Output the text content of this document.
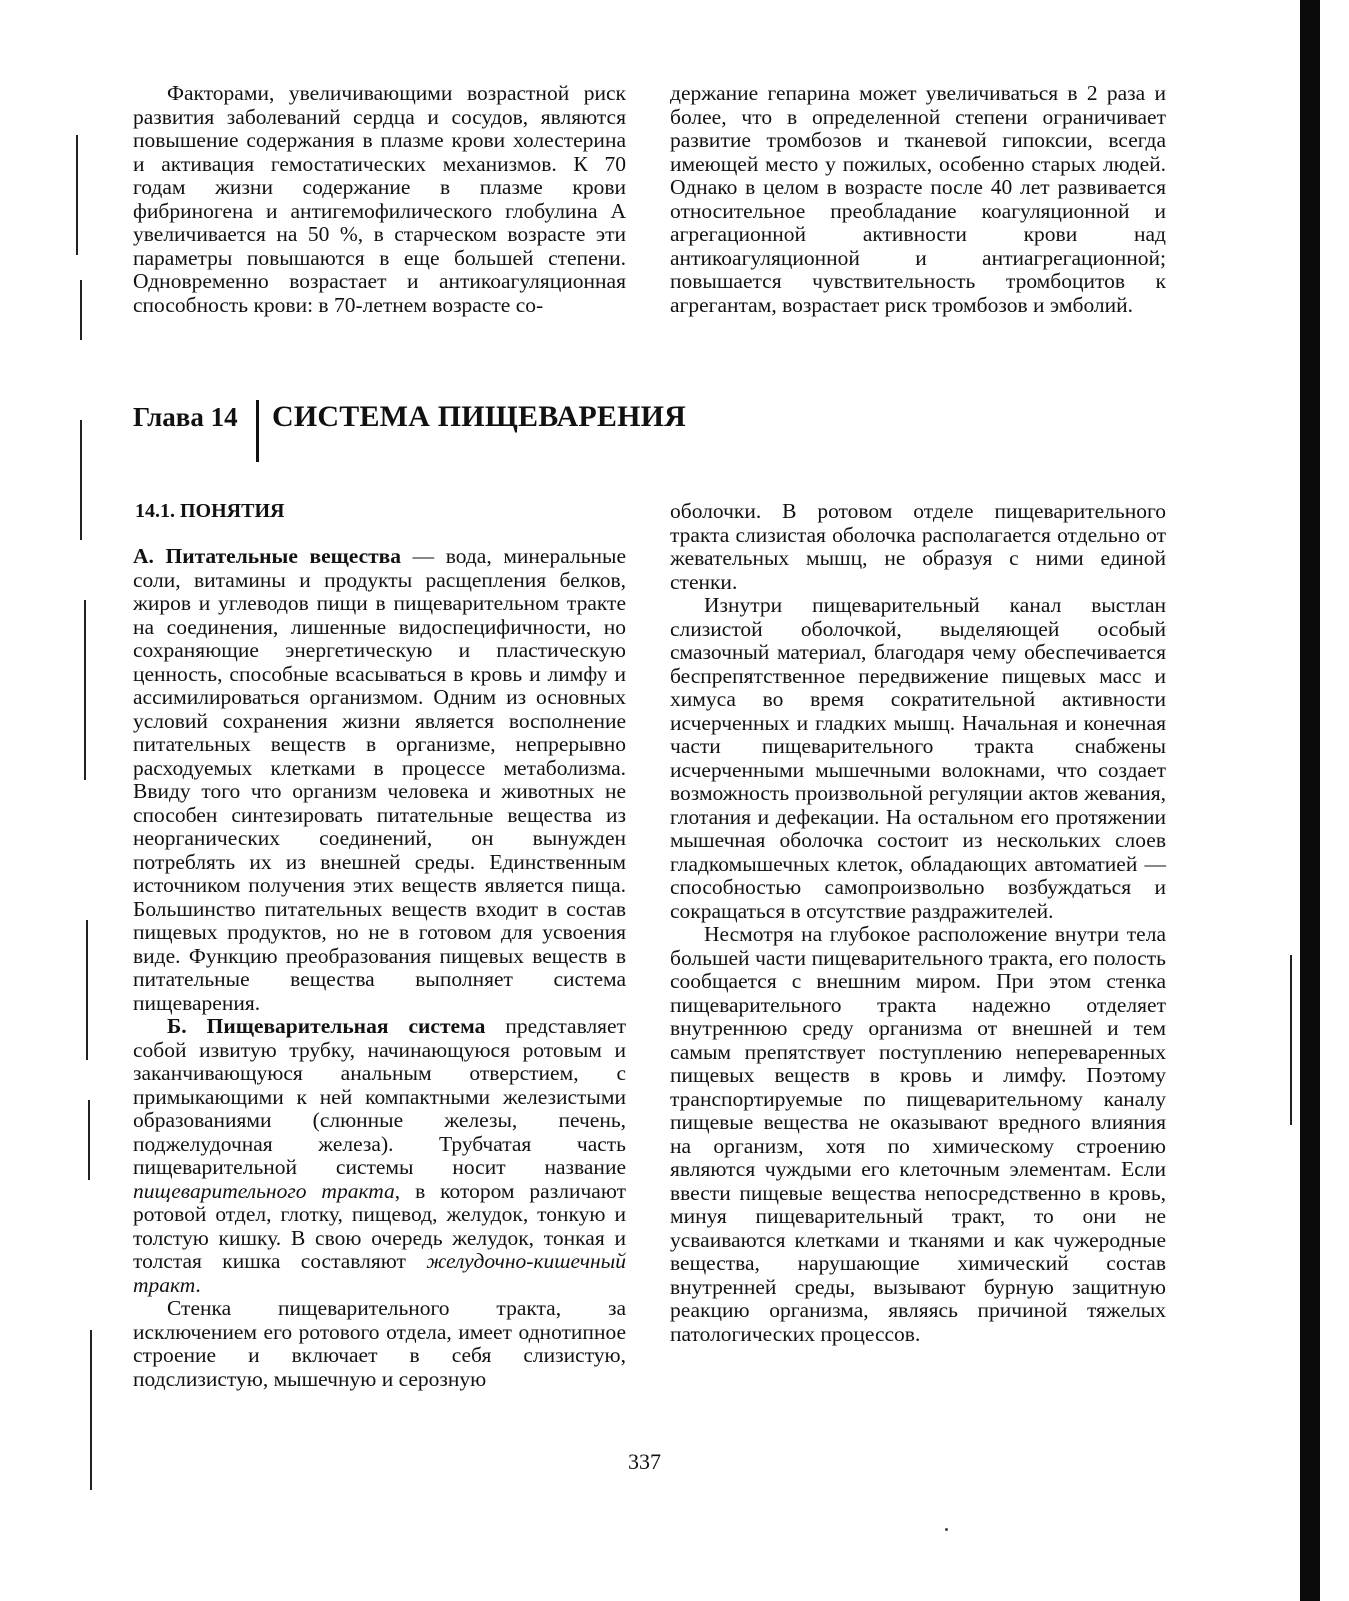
Факторами, увеличивающими возрастной риск развития заболеваний сердца и сосудов, являются повышение содержания в плазме крови холестерина и активация гемостатических механизмов. К 70 годам жизни содержание в плазме крови фибриногена и антигемофилического глобулина А увеличивается на 50 %, в старческом возрасте эти параметры повышаются в еще большей степени. Одновременно возрастает и антикоагуляционная способность крови: в 70-летнем возрасте со-

держание гепарина может увеличиваться в 2 раза и более, что в определенной степени ограничивает развитие тромбозов и тканевой гипоксии, всегда имеющей место у пожилых, особенно старых людей. Однако в целом в возрасте после 40 лет развивается относительное преобладание коагуляционной и агрегационной активности крови над антикоагуляционной и антиагрегационной; повышается чувствительность тромбоцитов к агрегантам, возрастает риск тромбозов и эмболий.

Глава 14 СИСТЕМА ПИЩЕВАРЕНИЯ
14.1. ПОНЯТИЯ

А. Питательные вещества — вода, минеральные соли, витамины и продукты расщепления белков, жиров и углеводов пищи в пищеварительном тракте на соединения, лишенные видоспецифичности, но сохраняющие энергетическую и пластическую ценность, способные всасываться в кровь и лимфу и ассимилироваться организмом. Одним из основных условий сохранения жизни является восполнение питательных веществ в организме, непрерывно расходуемых клетками в процессе метаболизма. Ввиду того что организм человека и животных не способен синтезировать питательные вещества из неорганических соединений, он вынужден потреблять их из внешней среды. Единственным источником получения этих веществ является пища. Большинство питательных веществ входит в состав пищевых продуктов, но не в готовом для усвоения виде. Функцию преобразования пищевых веществ в питательные вещества выполняет система пищеварения.

Б. Пищеварительная система представляет собой извитую трубку, начинающуюся ротовым и заканчивающуюся анальным отверстием, с примыкающими к ней компактными железистыми образованиями (слюнные железы, печень, поджелудочная железа). Трубчатая часть пищеварительной системы носит название пищеварительного тракта, в котором различают ротовой отдел, глотку, пищевод, желудок, тонкую и толстую кишку. В свою очередь желудок, тонкая и толстая кишка составляют желудочно-кишечный тракт.

Стенка пищеварительного тракта, за исключением его ротового отдела, имеет однотипное строение и включает в себя слизистую, подслизистую, мышечную и серозную

оболочки. В ротовом отделе пищеварительного тракта слизистая оболочка располагается отдельно от жевательных мышц, не образуя с ними единой стенки.

Изнутри пищеварительный канал выстлан слизистой оболочкой, выделяющей особый смазочный материал, благодаря чему обеспечивается беспрепятственное передвижение пищевых масс и химуса во время сократительной активности исчерченных и гладких мышц. Начальная и конечная части пищеварительного тракта снабжены исчерченными мышечными волокнами, что создает возможность произвольной регуляции актов жевания, глотания и дефекации. На остальном его протяжении мышечная оболочка состоит из нескольких слоев гладкомышечных клеток, обладающих автоматией — способностью самопроизвольно возбуждаться и сокращаться в отсутствие раздражителей.

Несмотря на глубокое расположение внутри тела большей части пищеварительного тракта, его полость сообщается с внешним миром. При этом стенка пищеварительного тракта надежно отделяет внутреннюю среду организма от внешней и тем самым препятствует поступлению непереваренных пищевых веществ в кровь и лимфу. Поэтому транспортируемые по пищеварительному каналу пищевые вещества не оказывают вредного влияния на организм, хотя по химическому строению являются чуждыми его клеточным элементам. Если ввести пищевые вещества непосредственно в кровь, минуя пищеварительный тракт, то они не усваиваются клетками и тканями и как чужеродные вещества, нарушающие химический состав внутренней среды, вызывают бурную защитную реакцию организма, являясь причиной тяжелых патологических процессов.

337
